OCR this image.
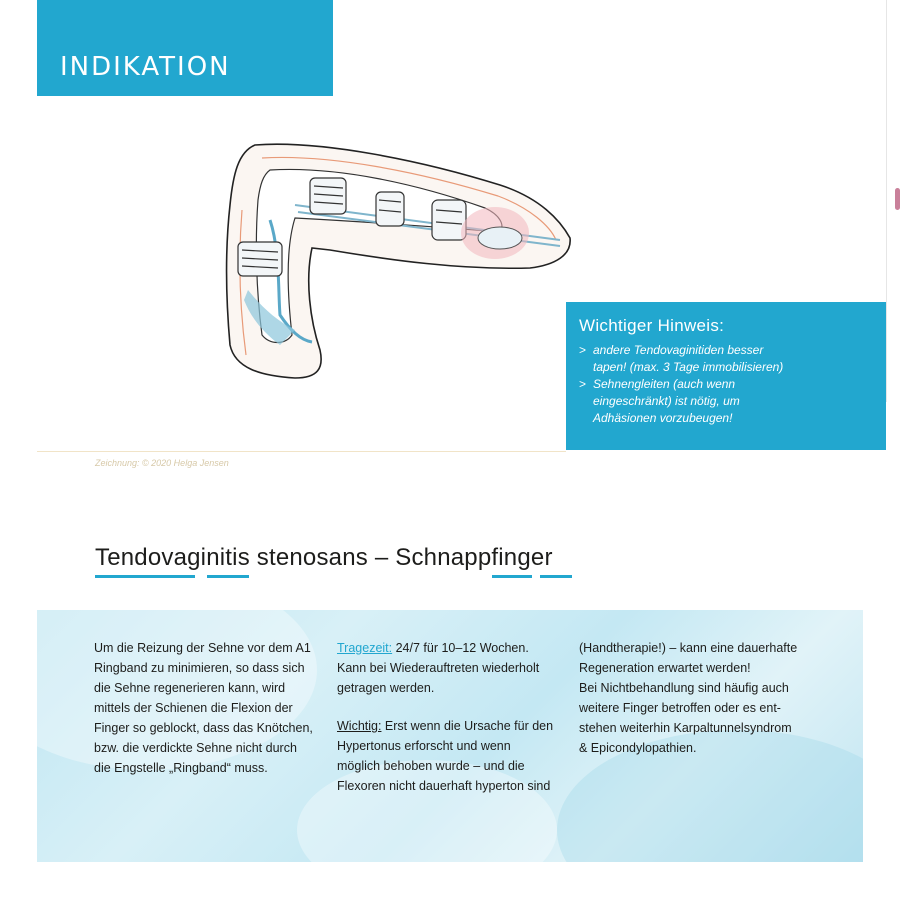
INDIKATION
Wichtiger Hinweis:
> andere Tendovaginitiden besser
tapen! (max. 3 Tage immobilisieren)
> Sehnengleiten (auch wenn
eingeschränkt) ist nötig, um
Adhäsionen vorzubeugen!
Zeichnung: © 2020 Helga Jensen
Tendovaginitis stenosans – Schnappfinger
Um die Reizung der Sehne vor dem A1
Ringband zu minimieren, so dass sich
die Sehne regenerieren kann, wird
mittels der Schienen die Flexion der
Finger so geblockt, dass das Knötchen,
bzw. die verdickte Sehne nicht durch
die Engstelle „Ringband“ muss.
Tragezeit: 24/7 für 10–12 Wochen.
Kann bei Wiederauftreten wiederholt
getragen werden.
Wichtig: Erst wenn die Ursache für den
Hypertonus erforscht und wenn
möglich behoben wurde – und die
Flexoren nicht dauerhaft hyperton sind
(Handtherapie!) – kann eine dauerhafte
Regeneration erwartet werden!
Bei Nichtbehandlung sind häufig auch
weitere Finger betroffen oder es ent-
stehen weiterhin Karpaltunnelsyndrom
& Epicondylopathien.
